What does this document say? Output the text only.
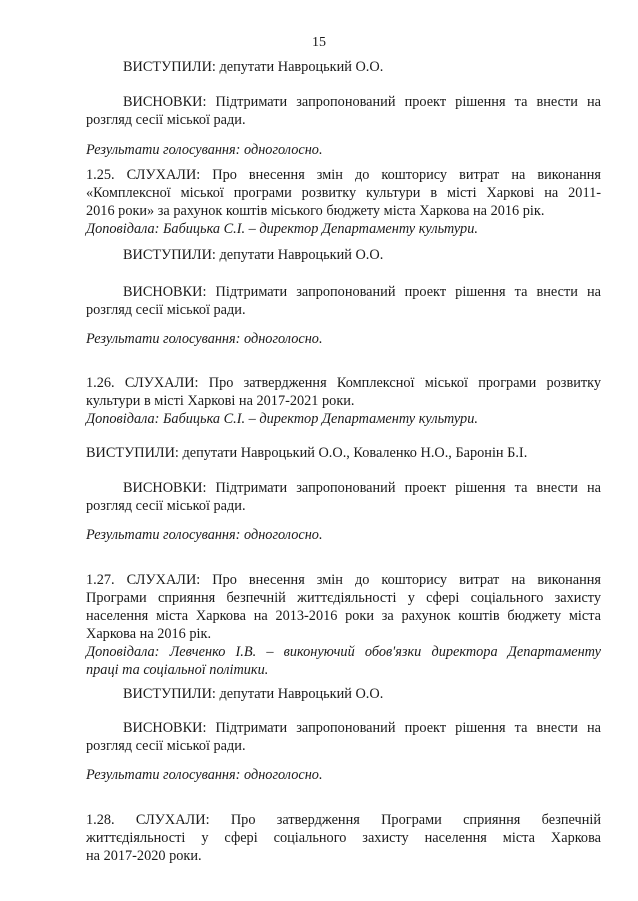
15
ВИСТУПИЛИ: депутати Навроцький О.О.
ВИСНОВКИ: Підтримати запропонований проект рішення та внести на
розгляд сесії міської ради.
Результати голосування: одноголосно.
1.25. СЛУХАЛИ: Про внесення змін до кошторису витрат на виконання
«Комплексної міської програми розвитку культури в місті Харкові на 2011-
2016 роки» за рахунок коштів міського бюджету міста Харкова на 2016 рік.
Доповідала: Бабицька С.І. – директор Департаменту культури.
ВИСТУПИЛИ: депутати Навроцький О.О.
ВИСНОВКИ: Підтримати запропонований проект рішення та внести на
розгляд сесії міської ради.
Результати голосування: одноголосно.
1.26. СЛУХАЛИ: Про затвердження Комплексної міської програми розвитку
культури в місті Харкові на 2017-2021 роки.
Доповідала: Бабицька С.І. – директор Департаменту культури.
ВИСТУПИЛИ: депутати Навроцький О.О., Коваленко Н.О., Баронін Б.І.
ВИСНОВКИ: Підтримати запропонований проект рішення та внести на
розгляд сесії міської ради.
Результати голосування: одноголосно.
1.27. СЛУХАЛИ: Про внесення змін до кошторису витрат на виконання
Програми сприяння безпечній життєдіяльності у сфері соціального захисту
населення міста Харкова на 2013-2016 роки за рахунок коштів бюджету міста
Харкова на 2016 рік.
Доповідала: Левченко І.В. – виконуючий обов'язки директора Департаменту
праці та соціальної політики.
ВИСТУПИЛИ: депутати Навроцький О.О.
ВИСНОВКИ: Підтримати запропонований проект рішення та внести на
розгляд сесії міської ради.
Результати голосування: одноголосно.
1.28. СЛУХАЛИ: Про затвердження Програми сприяння безпечній
життєдіяльності у сфері соціального захисту населення міста Харкова
на 2017-2020 роки.
